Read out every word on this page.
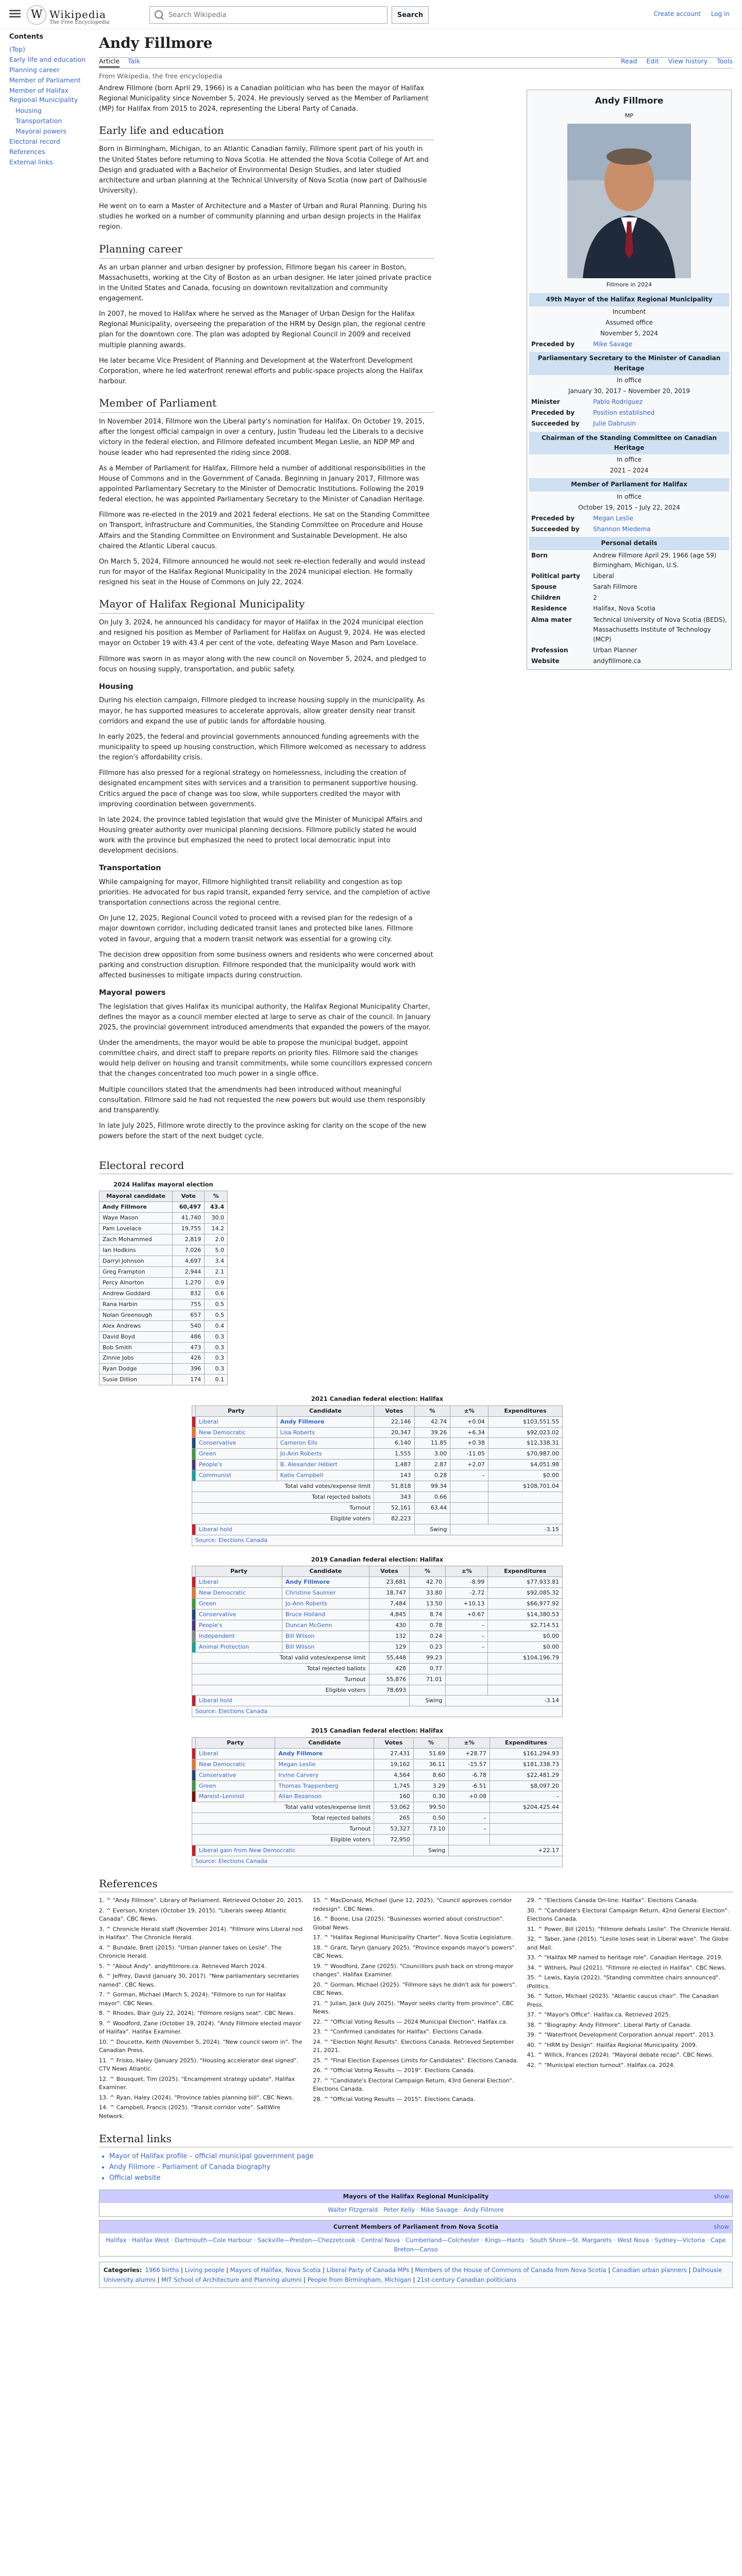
W Wikipedia
The Free Encyclopedia
Search Wikipedia
Search	Create account Log in
Contents
(Top)
Early life and education
Planning career
Member of Parliament
Member of Halifax Regional Municipality
Housing
Transportation
Mayoral powers
Electoral record
References
External links
Andy Fillmore
Article Talk	Read Edit View history Tools
From Wikipedia, the free encyclopedia

Andrew Fillmore (born April 29, 1966) is a Canadian politician who has been the mayor of Halifax Regional Municipality since November 5, 2024. He previously served as the Member of Parliament (MP) for Halifax from 2015 to 2024, representing the Liberal Party of Canada.

Early life and education

Born in Birmingham, Michigan, to an Atlantic Canadian family, Fillmore spent part of his youth in the United States before returning to Nova Scotia. He attended the Nova Scotia College of Art and Design and graduated with a Bachelor of Environmental Design Studies, and later studied architecture and urban planning at the Technical University of Nova Scotia (now part of Dalhousie University).

He went on to earn a Master of Architecture and a Master of Urban and Rural Planning. During his studies he worked on a number of community planning and urban design projects in the Halifax region.

Planning career

As an urban planner and urban designer by profession, Fillmore began his career in Boston, Massachusetts, working at the City of Boston as an urban designer. He later joined private practice in the United States and Canada, focusing on downtown revitalization and community engagement.

In 2007, he moved to Halifax where he served as the Manager of Urban Design for the Halifax Regional Municipality, overseeing the preparation of the HRM by Design plan, the regional centre plan for the downtown core. The plan was adopted by Regional Council in 2009 and received multiple planning awards.

He later became Vice President of Planning and Development at the Waterfront Development Corporation, where he led waterfront renewal efforts and public-space projects along the Halifax harbour.

Member of Parliament

In November 2014, Fillmore won the Liberal party's nomination for Halifax. On October 19, 2015, after the longest official campaign in over a century, Justin Trudeau led the Liberals to a decisive victory in the federal election, and Fillmore defeated incumbent Megan Leslie, an NDP MP and house leader who had represented the riding since 2008.

As a Member of Parliament for Halifax, Fillmore held a number of additional responsibilities in the House of Commons and in the Government of Canada. Beginning in January 2017, Fillmore was appointed Parliamentary Secretary to the Minister of Democratic Institutions. Following the 2019 federal election, he was appointed Parliamentary Secretary to the Minister of Canadian Heritage.

Fillmore was re-elected in the 2019 and 2021 federal elections. He sat on the Standing Committee on Transport, Infrastructure and Communities, the Standing Committee on Procedure and House Affairs and the Standing Committee on Environment and Sustainable Development. He also chaired the Atlantic Liberal caucus.

On March 5, 2024, Fillmore announced he would not seek re-election federally and would instead run for mayor of the Halifax Regional Municipality in the 2024 municipal election. He formally resigned his seat in the House of Commons on July 22, 2024.

Mayor of Halifax Regional Municipality

On July 3, 2024, he announced his candidacy for mayor of Halifax in the 2024 municipal election and resigned his position as Member of Parliament for Halifax on August 9, 2024. He was elected mayor on October 19 with 43.4 per cent of the vote, defeating Waye Mason and Pam Lovelace.

Fillmore was sworn in as mayor along with the new council on November 5, 2024, and pledged to focus on housing supply, transportation, and public safety.

Housing

During his election campaign, Fillmore pledged to increase housing supply in the municipality. As mayor, he has supported measures to accelerate approvals, allow greater density near transit corridors and expand the use of public lands for affordable housing.

In early 2025, the federal and provincial governments announced funding agreements with the municipality to speed up housing construction, which Fillmore welcomed as necessary to address the region's affordability crisis.

Fillmore has also pressed for a regional strategy on homelessness, including the creation of designated encampment sites with services and a transition to permanent supportive housing. Critics argued the pace of change was too slow, while supporters credited the mayor with improving coordination between governments.

In late 2024, the province tabled legislation that would give the Minister of Municipal Affairs and Housing greater authority over municipal planning decisions. Fillmore publicly stated he would work with the province but emphasized the need to protect local democratic input into development decisions.

Transportation

While campaigning for mayor, Fillmore highlighted transit reliability and congestion as top priorities. He advocated for bus rapid transit, expanded ferry service, and the completion of active transportation connections across the regional centre.

On June 12, 2025, Regional Council voted to proceed with a revised plan for the redesign of a major downtown corridor, including dedicated transit lanes and protected bike lanes. Fillmore voted in favour, arguing that a modern transit network was essential for a growing city.

The decision drew opposition from some business owners and residents who were concerned about parking and construction disruption. Fillmore responded that the municipality would work with affected businesses to mitigate impacts during construction.

Mayoral powers

The legislation that gives Halifax its municipal authority, the Halifax Regional Municipality Charter, defines the mayor as a council member elected at large to serve as chair of the council. In January 2025, the provincial government introduced amendments that expanded the powers of the mayor.

Under the amendments, the mayor would be able to propose the municipal budget, appoint committee chairs, and direct staff to prepare reports on priority files. Fillmore said the changes would help deliver on housing and transit commitments, while some councillors expressed concern that the changes concentrated too much power in a single office.

Multiple councillors stated that the amendments had been introduced without meaningful consultation. Fillmore said he had not requested the new powers but would use them responsibly and transparently.

In late July 2025, Fillmore wrote directly to the province asking for clarity on the scope of the new powers before the start of the next budget cycle.

Andy Fillmore
MP
Fillmore in 2024
49th Mayor of the Halifax Regional Municipality
Incumbent
Assumed office
November 5, 2024
Preceded by	Mike Savage
Parliamentary Secretary to the Minister of Canadian Heritage
In office
January 30, 2017 – November 20, 2019
Minister	Pablo Rodriguez
Preceded by	Position established
Succeeded by	Julie Dabrusin
Chairman of the Standing Committee on Canadian Heritage
In office
2021 – 2024
Member of Parliament for Halifax
In office
October 19, 2015 – July 22, 2024
Preceded by	Megan Leslie
Succeeded by	Shannon Miedema
Personal details
Born	Andrew Fillmore April 29, 1966 (age 59) Birmingham, Michigan, U.S.
Political party	Liberal
Spouse	Sarah Fillmore
Children	2
Residence	Halifax, Nova Scotia
Alma mater	Technical University of Nova Scotia (BEDS), Massachusetts Institute of Technology (MCP)
Profession	Urban Planner
Website	andyfillmore.ca
Electoral record
2024 Halifax mayoral election
Mayoral candidate	Vote	%
Andy Fillmore	60,497	43.4
Waye Mason	41,740	30.0
Pam Lovelace	19,755	14.2
Zach Mohammed	2,819	2.0
Ian Hodkins	7,026	5.0
Darryl Johnson	4,697	3.4
Greg Frampton	2,944	2.1
Percy Alnorton	1,270	0.9
Andrew Goddard	832	0.6
Rana Harbin	755	0.5
Nolan Greenough	657	0.5
Alex Andrews	540	0.4
David Boyd	486	0.3
Bob Smith	473	0.3
Zinnie Jobs	426	0.3
Ryan Dodge	396	0.3
Susie Dillion	174	0.1
2021 Canadian federal election: Halifax
	Party	Candidate	Votes	%	±%	Expenditures
	Liberal	Andy Fillmore	22,146	42.74	+0.04	$103,551.55
	New Democratic	Lisa Roberts	20,347	39.26	+6.34	$92,023.02
	Conservative	Cameron Ells	6,140	11.85	+0.38	$12,338.31
	Green	Jo-Ann Roberts	1,555	3.00	-11.05	$70,987.00
	People's	B. Alexander Hébert	1,487	2.87	+2.07	$4,051.98
	Communist	Katie Campbell	143	0.28	–	$0.00
Total valid votes/expense limit			51,818	99.34		$108,701.04
Total rejected ballots			343	0.66		
Turnout			52,161	63.44		
Eligible voters			82,223			
	Liberal hold			Swing	-3.15	
Source: Elections Canada						
2019 Canadian federal election: Halifax
	Party	Candidate	Votes	%	±%	Expenditures
	Liberal	Andy Fillmore	23,681	42.70	-8.99	$77,933.81
	New Democratic	Christine Saulnier	18,747	33.80	-2.72	$92,085.32
	Green	Jo-Ann Roberts	7,484	13.50	+10.13	$66,977.92
	Conservative	Bruce Holland	4,845	8.74	+0.67	$14,380.53
	People's	Duncan McGenn	430	0.78	–	$2,714.51
	Independent	Bill Wilson	132	0.24	–	$0.00
	Animal Protection	Bill Wilson	129	0.23	–	$0.00
Total valid votes/expense limit			55,448	99.23		$104,196.79
Total rejected ballots			428	0.77		
Turnout			55,876	71.01		
Eligible voters			78,693			
	Liberal hold			Swing	-3.14	
Source: Elections Canada						
2015 Canadian federal election: Halifax
	Party	Candidate	Votes	%	±%	Expenditures
	Liberal	Andy Fillmore	27,431	51.69	+28.77	$161,294.93
	New Democratic	Megan Leslie	19,162	36.11	-15.57	$181,338.73
	Conservative	Irvine Carvery	4,564	8.60	-6.78	$22,481.29
	Green	Thomas Trappenberg	1,745	3.29	-6.51	$8,097.20
	Marxist–Leninist	Allan Bezanson	160	0.30	+0.08	–
Total valid votes/expense limit			53,062	99.50		$204,425.44
Total rejected ballots			265	0.50	–	
Turnout			53,327	73.10	–	
Eligible voters			72,950			
	Liberal gain from New Democratic			Swing	+22.17	
Source: Elections Canada						
References
1. ^ "Andy Fillmore". Library of Parliament. Retrieved October 20, 2015.
2. ^ Everson, Kristen (October 19, 2015). "Liberals sweep Atlantic Canada". CBC News.
3. ^ Chronicle Herald staff (November 2014). "Fillmore wins Liberal nod in Halifax". The Chronicle Herald.
4. ^ Bundale, Brett (2015). "Urban planner takes on Leslie". The Chronicle Herald.
5. ^ "About Andy". andyfillmore.ca. Retrieved March 2024.
6. ^ Jeffrey, David (January 30, 2017). "New parliamentary secretaries named". CBC News.
7. ^ Gorman, Michael (March 5, 2024). "Fillmore to run for Halifax mayor". CBC News.
8. ^ Rhodes, Blair (July 22, 2024). "Fillmore resigns seat". CBC News.
9. ^ Woodford, Zane (October 19, 2024). "Andy Fillmore elected mayor of Halifax". Halifax Examiner.
10. ^ Doucette, Keith (November 5, 2024). "New council sworn in". The Canadian Press.
11. ^ Frisko, Haley (January 2025). "Housing accelerator deal signed". CTV News Atlantic.
12. ^ Bousquet, Tim (2025). "Encampment strategy update". Halifax Examiner.
13. ^ Ryan, Haley (2024). "Province tables planning bill". CBC News.
14. ^ Campbell, Francis (2025). "Transit corridor vote". SaltWire Network.
15. ^ MacDonald, Michael (June 12, 2025). "Council approves corridor redesign". CBC News.
16. ^ Boone, Lisa (2025). "Businesses worried about construction". Global News.
17. ^ "Halifax Regional Municipality Charter". Nova Scotia Legislature.
18. ^ Grant, Taryn (January 2025). "Province expands mayor's powers". CBC News.
19. ^ Woodford, Zane (2025). "Councillors push back on strong-mayor changes". Halifax Examiner.
20. ^ Gorman, Michael (2025). "Fillmore says he didn't ask for powers". CBC News.
21. ^ Julian, Jack (July 2025). "Mayor seeks clarity from province". CBC News.
22. ^ "Official Voting Results — 2024 Municipal Election". Halifax.ca.
23. ^ "Confirmed candidates for Halifax". Elections Canada.
24. ^ "Election Night Results". Elections Canada. Retrieved September 21, 2021.
25. ^ "Final Election Expenses Limits for Candidates". Elections Canada.
26. ^ "Official Voting Results — 2019". Elections Canada.
27. ^ "Candidate's Electoral Campaign Return, 43rd General Election". Elections Canada.
28. ^ "Official Voting Results — 2015". Elections Canada.
29. ^ "Elections Canada On-line: Halifax". Elections Canada.
30. ^ "Candidate's Electoral Campaign Return, 42nd General Election". Elections Canada.
31. ^ Power, Bill (2015). "Fillmore defeats Leslie". The Chronicle Herald.
32. ^ Taber, Jane (2015). "Leslie loses seat in Liberal wave". The Globe and Mail.
33. ^ "Halifax MP named to heritage role". Canadian Heritage. 2019.
34. ^ Withers, Paul (2021). "Fillmore re-elected in Halifax". CBC News.
35. ^ Lewis, Kayla (2022). "Standing committee chairs announced". iPolitics.
36. ^ Tutton, Michael (2023). "Atlantic caucus chair". The Canadian Press.
37. ^ "Mayor's Office". Halifax.ca. Retrieved 2025.
38. ^ "Biography: Andy Fillmore". Liberal Party of Canada.
39. ^ "Waterfront Development Corporation annual report". 2013.
40. ^ "HRM by Design". Halifax Regional Municipality. 2009.
41. ^ Willick, Frances (2024). "Mayoral debate recap". CBC News.
42. ^ "Municipal election turnout". Halifax.ca. 2024.
External links
• Mayor of Halifax profile – official municipal government page
• Andy Fillmore – Parliament of Canada biography
• Official website
Mayors of the Halifax Regional Municipality	show
Walter Fitzgerald · Peter Kelly · Mike Savage · Andy Fillmore
Current Members of Parliament from Nova Scotia	show
Halifax · Halifax West · Dartmouth—Cole Harbour · Sackville—Preston—Chezzetcook · Central Nova · Cumberland—Colchester · Kings—Hants · South Shore—St. Margarets · West Nova · Sydney—Victoria · Cape Breton—Canso
Categories: 1966 births | Living people | Mayors of Halifax, Nova Scotia | Liberal Party of Canada MPs | Members of the House of Commons of Canada from Nova Scotia | Canadian urban planners | Dalhousie University alumni | MIT School of Architecture and Planning alumni | People from Birmingham, Michigan | 21st-century Canadian politicians
